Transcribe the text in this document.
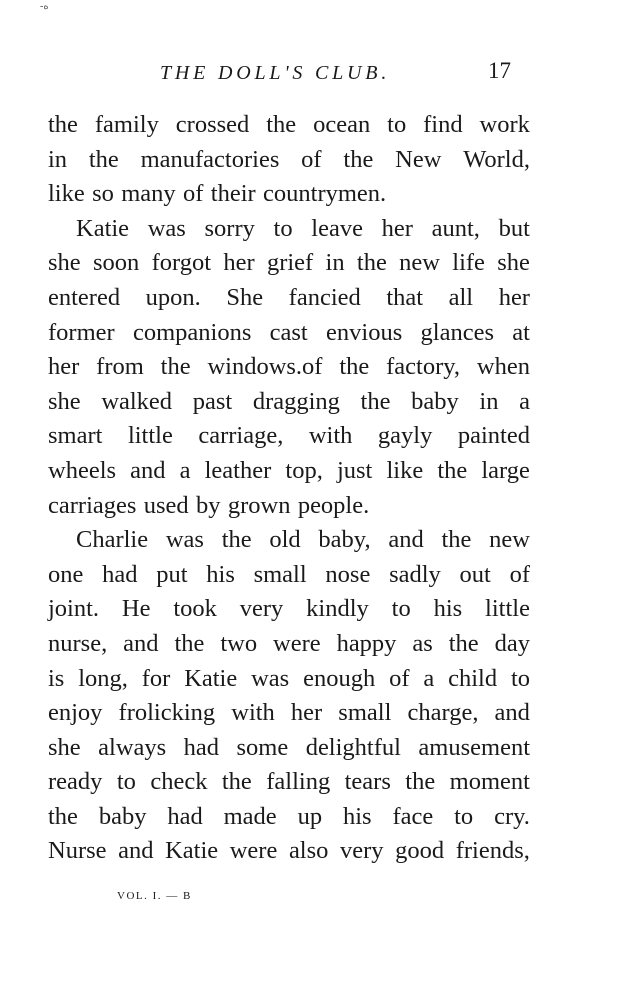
-ه
THE DOLL'S CLUB.	17
the family crossed the ocean to find work
in the manufactories of the New World,
like so many of their countrymen.
Katie was sorry to leave her aunt, but
she soon forgot her grief in the new life she
entered upon. She fancied that all her
former companions cast envious glances at
her from the windows.of the factory, when
she walked past dragging the baby in a
smart little carriage, with gayly painted
wheels and a leather top, just like the large
carriages used by grown people.
Charlie was the old baby, and the new
one had put his small nose sadly out of
joint. He took very kindly to his little
nurse, and the two were happy as the day
is long, for Katie was enough of a child to
enjoy frolicking with her small charge, and
she always had some delightful amusement
ready to check the falling tears the moment
the baby had made up his face to cry.
Nurse and Katie were also very good friends,
VOL. I. — B
